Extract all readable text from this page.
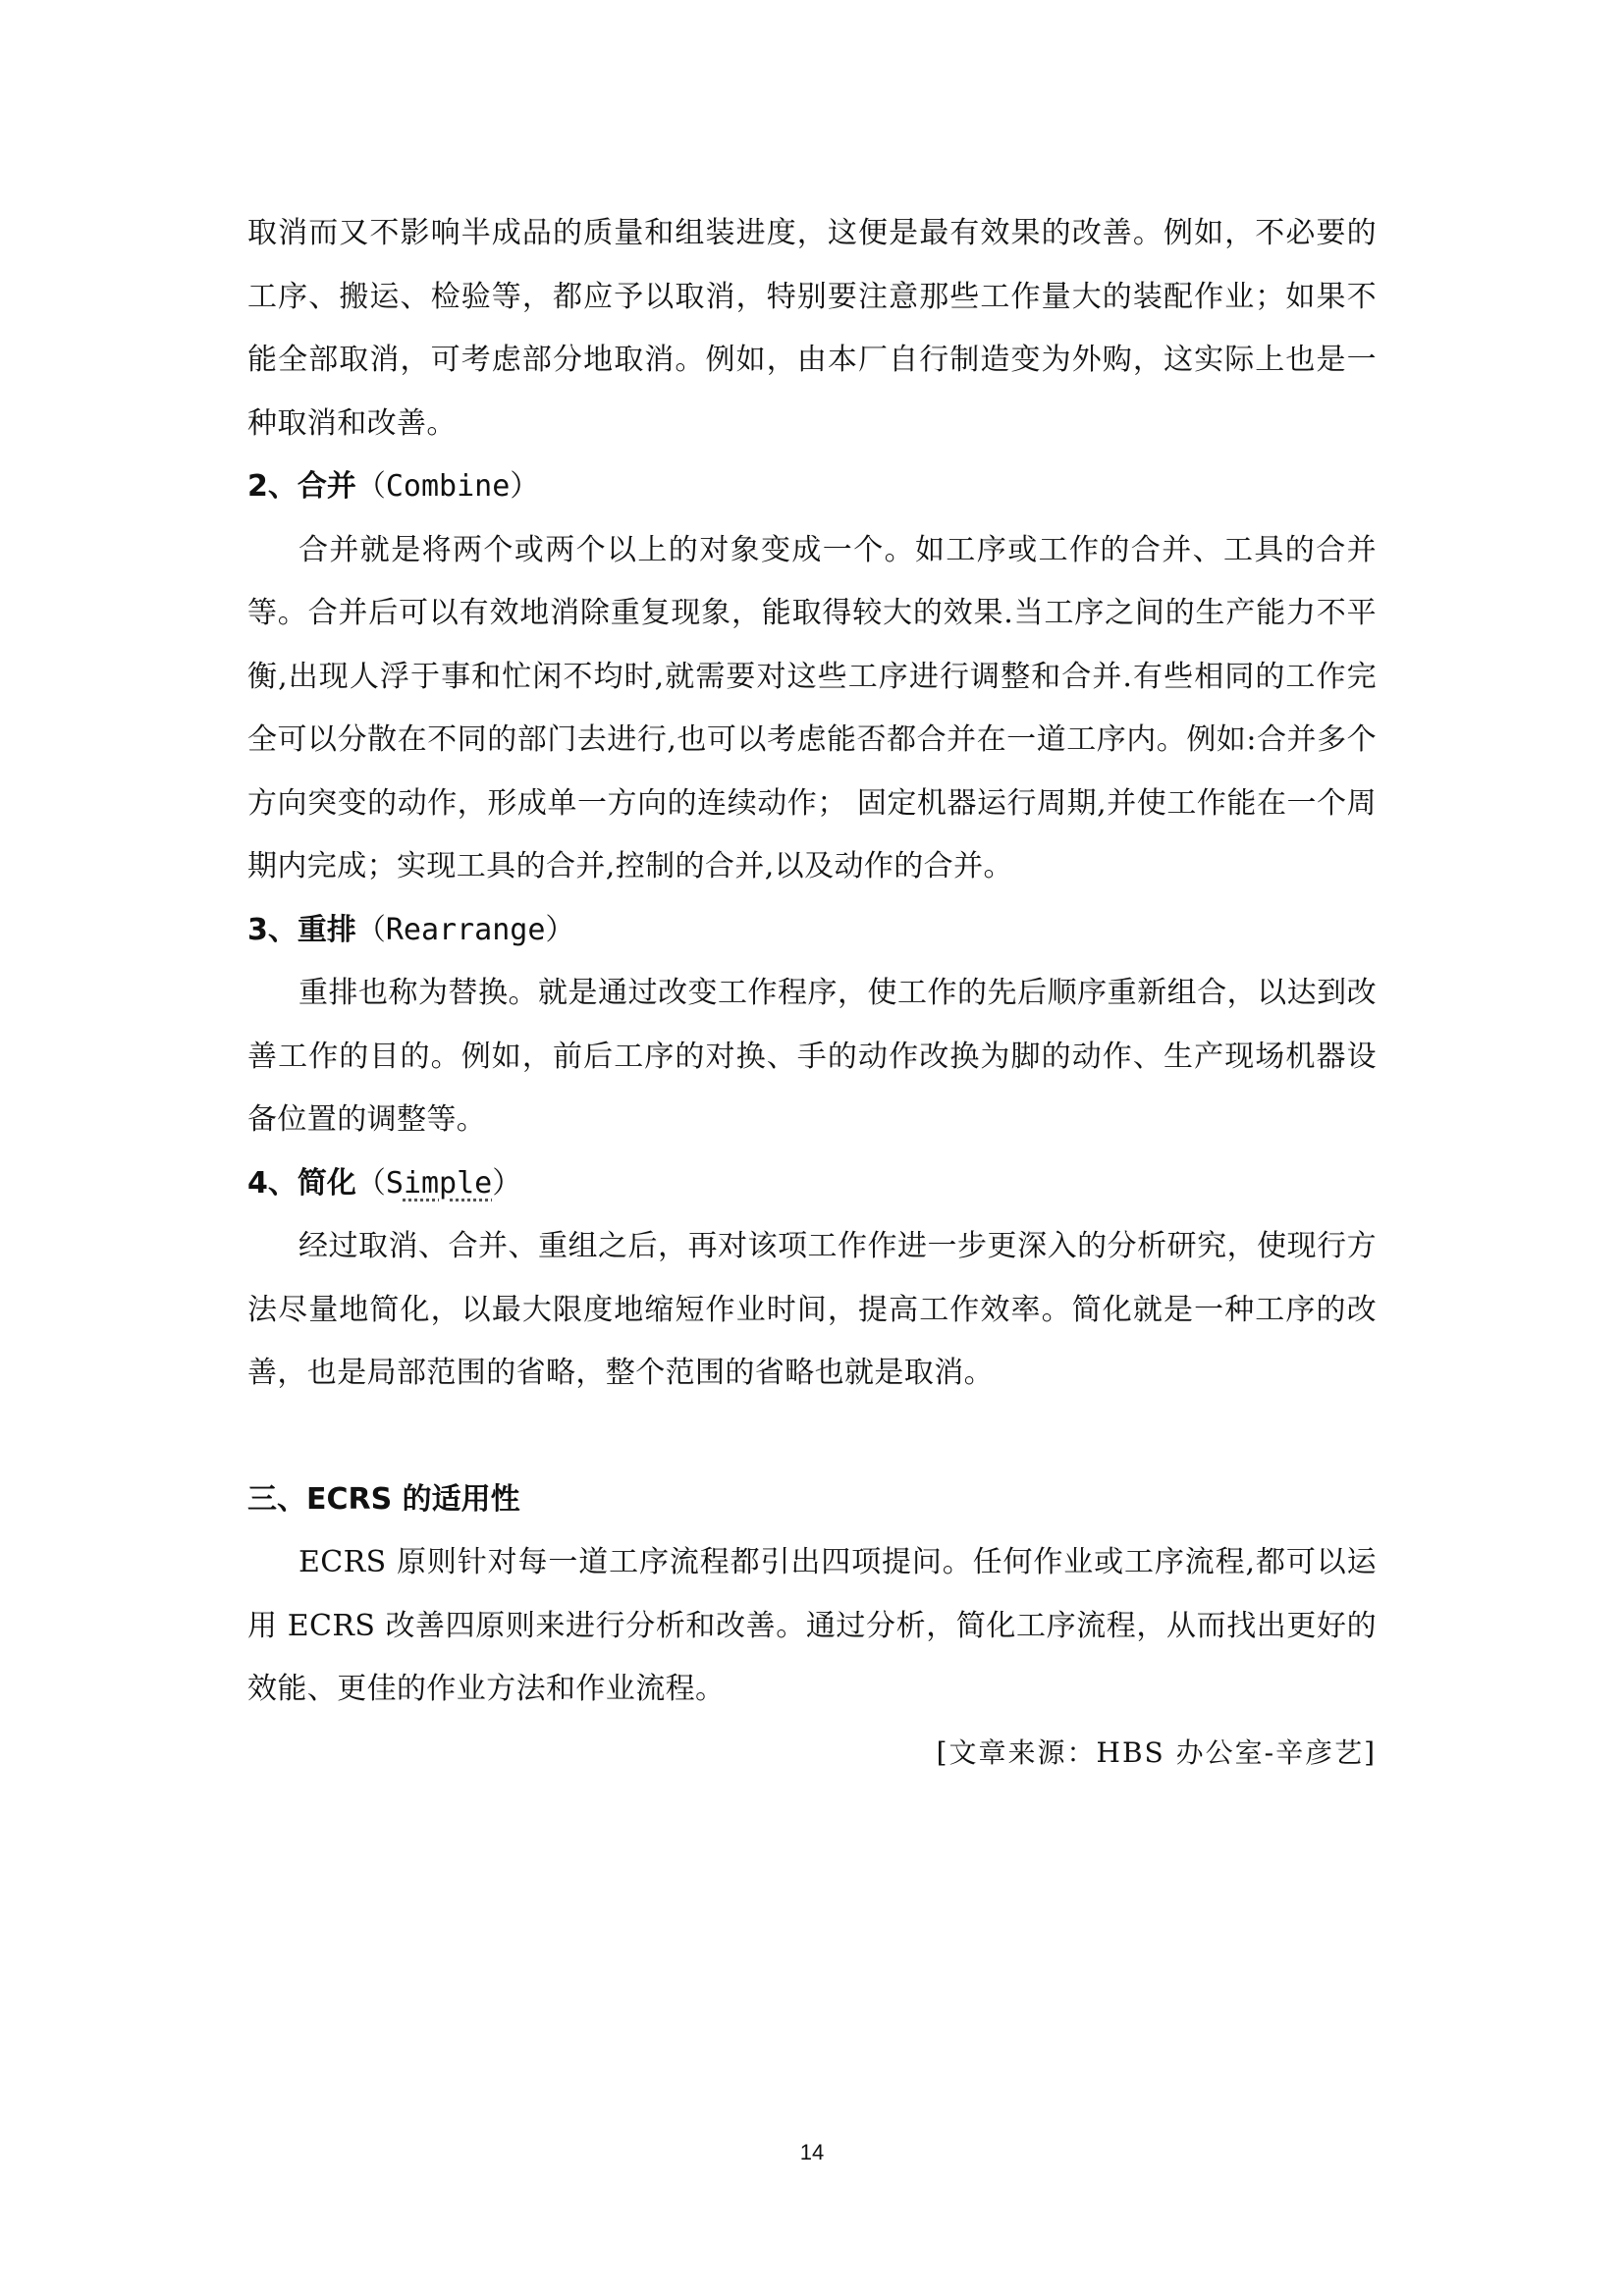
取消而又不影响半成品的质量和组装进度，这便是最有效果的改善。例如，不必要的工序、搬运、检验等，都应予以取消，特别要注意那些工作量大的装配作业；如果不能全部取消，可考虑部分地取消。例如，由本厂自行制造变为外购，这实际上也是一种取消和改善。

2、合并（Combine）

合并就是将两个或两个以上的对象变成一个。如工序或工作的合并、工具的合并等。合并后可以有效地消除重复现象，能取得较大的效果.当工序之间的生产能力不平衡,出现人浮于事和忙闲不均时,就需要对这些工序进行调整和合并.有些相同的工作完全可以分散在不同的部门去进行,也可以考虑能否都合并在一道工序内。例如:合并多个方向突变的动作，形成单一方向的连续动作； 固定机器运行周期,并使工作能在一个周期内完成；实现工具的合并,控制的合并,以及动作的合并。

3、重排（Rearrange）

重排也称为替换。就是通过改变工作程序，使工作的先后顺序重新组合，以达到改善工作的目的。例如，前后工序的对换、手的动作改换为脚的动作、生产现场机器设备位置的调整等。

4、简化（Simple）

经过取消、合并、重组之后，再对该项工作作进一步更深入的分析研究，使现行方法尽量地简化，以最大限度地缩短作业时间，提高工作效率。简化就是一种工序的改善，也是局部范围的省略，整个范围的省略也就是取消。

三、ECRS 的适用性

ECRS 原则针对每一道工序流程都引出四项提问。任何作业或工序流程,都可以运用 ECRS 改善四原则来进行分析和改善。通过分析，简化工序流程，从而找出更好的效能、更佳的作业方法和作业流程。

[文章来源：HBS 办公室-辛彦艺]

14
